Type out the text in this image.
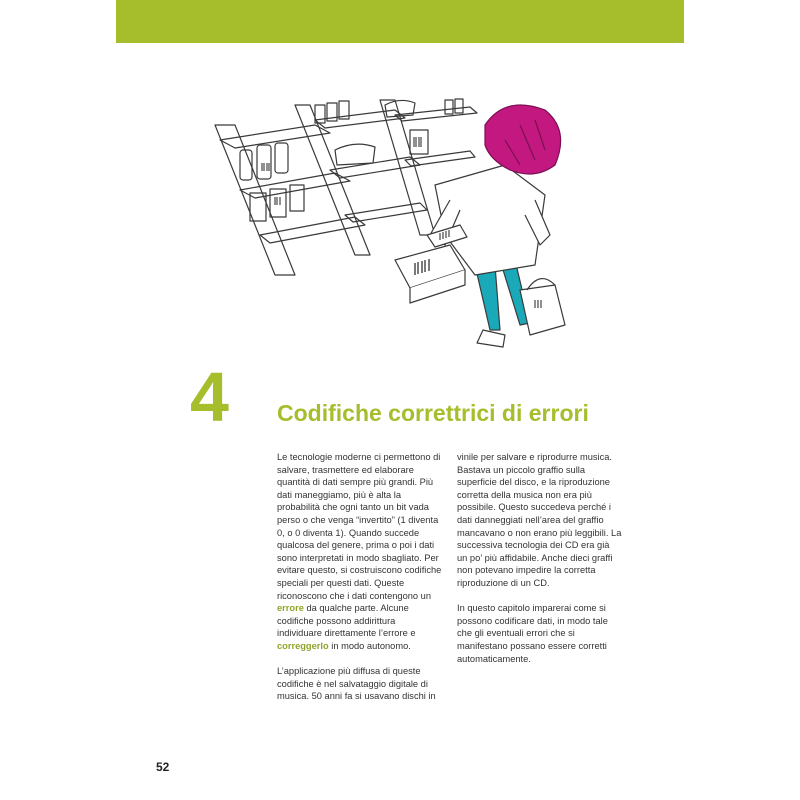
4 Codifiche correttrici di errori

Le tecnologie moderne ci permettono di salvare, trasmettere ed elaborare quantità di dati sempre più grandi. Più dati maneggiamo, più è alta la probabilità che ogni tanto un bit vada perso o che venga “invertito” (1 diventa 0, o 0 diventa 1). Quando succede qualcosa del genere, prima o poi i dati sono interpretati in modo sbagliato. Per evitare questo, si costruiscono codifiche speciali per questi dati. Queste riconoscono che i dati contengono un errore da qualche parte. Alcune codifiche possono addirittura individuare direttamente l’errore e correggerlo in modo autonomo.

L’applicazione più diffusa di queste codifiche è nel salvataggio digitale di musica. 50 anni fa si usavano dischi in

vinile per salvare e riprodurre musica. Bastava un piccolo graffio sulla superficie del disco, e la riproduzione corretta della musica non era più possibile. Questo succedeva perché i dati danneggiati nell’area del graffio mancavano o non erano più leggibili. La successiva tecnologia dei CD era già un po’ più affidabile. Anche dieci graffi non potevano impedire la corretta riproduzione di un CD.

In questo capitolo imparerai come si possono codificare dati, in modo tale che gli eventuali errori che si manifestano possano essere corretti automaticamente.

52
